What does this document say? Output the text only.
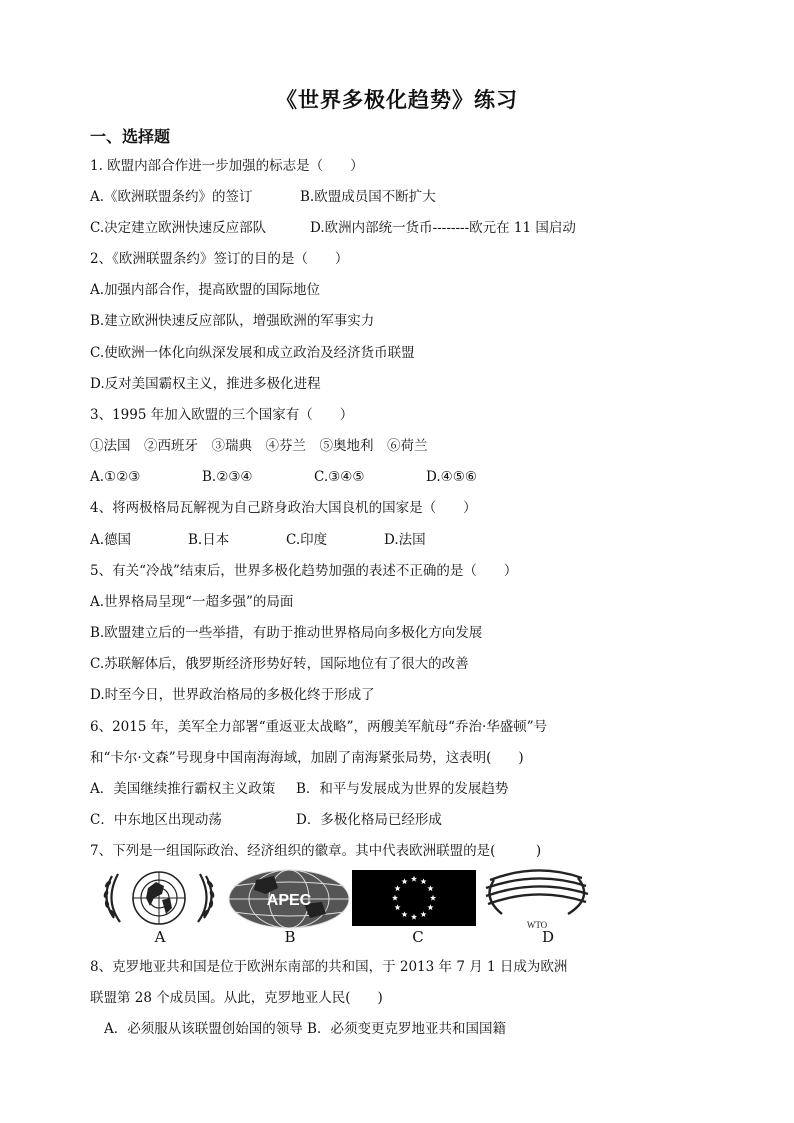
《世界多极化趋势》练习
一、选择题
1. 欧盟内部合作进一步加强的标志是（　　）
A.《欧洲联盟条约》的签订	B.欧盟成员国不断扩大
C.决定建立欧洲快速反应部队	D.欧洲内部统一货币--------欧元在 11 国启动
2、《欧洲联盟条约》签订的目的是（　　）
A.加强内部合作，提高欧盟的国际地位
B.建立欧洲快速反应部队，增强欧洲的军事实力
C.使欧洲一体化向纵深发展和成立政治及经济货币联盟
D.反对美国霸权主义，推进多极化进程
3、1995 年加入欧盟的三个国家有（　　）
①法国　②西班牙　③瑞典　④芬兰　⑤奥地利　⑥荷兰
A.①②③	B.②③④	C.③④⑤	D.④⑤⑥
4、将两极格局瓦解视为自己跻身政治大国良机的国家是（　　）
A.德国	B.日本	C.印度	D.法国
5、有关“冷战”结束后，世界多极化趋势加强的表述不正确的是（　　）
A.世界格局呈现“一超多强”的局面
B.欧盟建立后的一些举措，有助于推动世界格局向多极化方向发展
C.苏联解体后，俄罗斯经济形势好转，国际地位有了很大的改善
D.时至今日，世界政治格局的多极化终于形成了
6、2015 年，美军全力部署“重返亚太战略”，两艘美军航母“乔治·华盛顿”号
和“卡尔·文森”号现身中国南海海域，加剧了南海紧张局势，这表明(　　)
A．美国继续推行霸权主义政策 B．和平与发展成为世界的发展趋势
C．中东地区出现动荡	D．多极化格局已经形成
7、下列是一组国际政治、经济组织的徽章。其中代表欧洲联盟的是(　　　)
APEC
WTO
A	B	C	D
8、克罗地亚共和国是位于欧洲东南部的共和国，于 2013 年 7 月 1 日成为欧洲
联盟第 28 个成员国。从此，克罗地亚人民(　　)
A．必须服从该联盟创始国的领导 B．必须变更克罗地亚共和国国籍
